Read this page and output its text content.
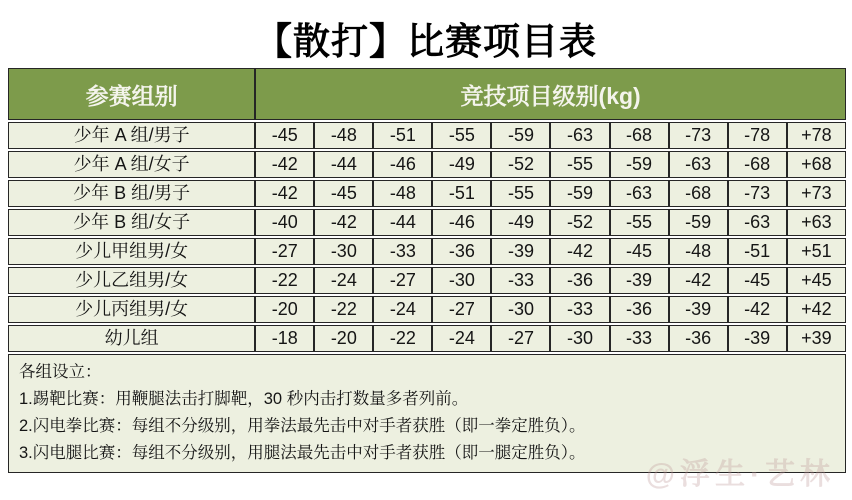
【散打】比赛项目表
参赛组别	竞技项目级别(kg)									
少年 A 组/男子	-45	-48	-51	-55	-59	-63	-68	-73	-78	+78
少年 A 组/女子	-42	-44	-46	-49	-52	-55	-59	-63	-68	+68
少年 B 组/男子	-42	-45	-48	-51	-55	-59	-63	-68	-73	+73
少年 B 组/女子	-40	-42	-44	-46	-49	-52	-55	-59	-63	+63
少儿甲组男/女	-27	-30	-33	-36	-39	-42	-45	-48	-51	+51
少儿乙组男/女	-22	-24	-27	-30	-33	-36	-39	-42	-45	+45
少儿丙组男/女	-20	-22	-24	-27	-30	-33	-36	-39	-42	+42
幼儿组	-18	-20	-22	-24	-27	-30	-33	-36	-39	+39
各组设立：
1.踢靶比赛：用鞭腿法击打脚靶，30 秒内击打数量多者列前。
2.闪电拳比赛：每组不分级别，用拳法最先击中对手者获胜（即一拳定胜负）。
3.闪电腿比赛：每组不分级别，用腿法最先击中对手者获胜（即一腿定胜负）。
@浮生·艺林
